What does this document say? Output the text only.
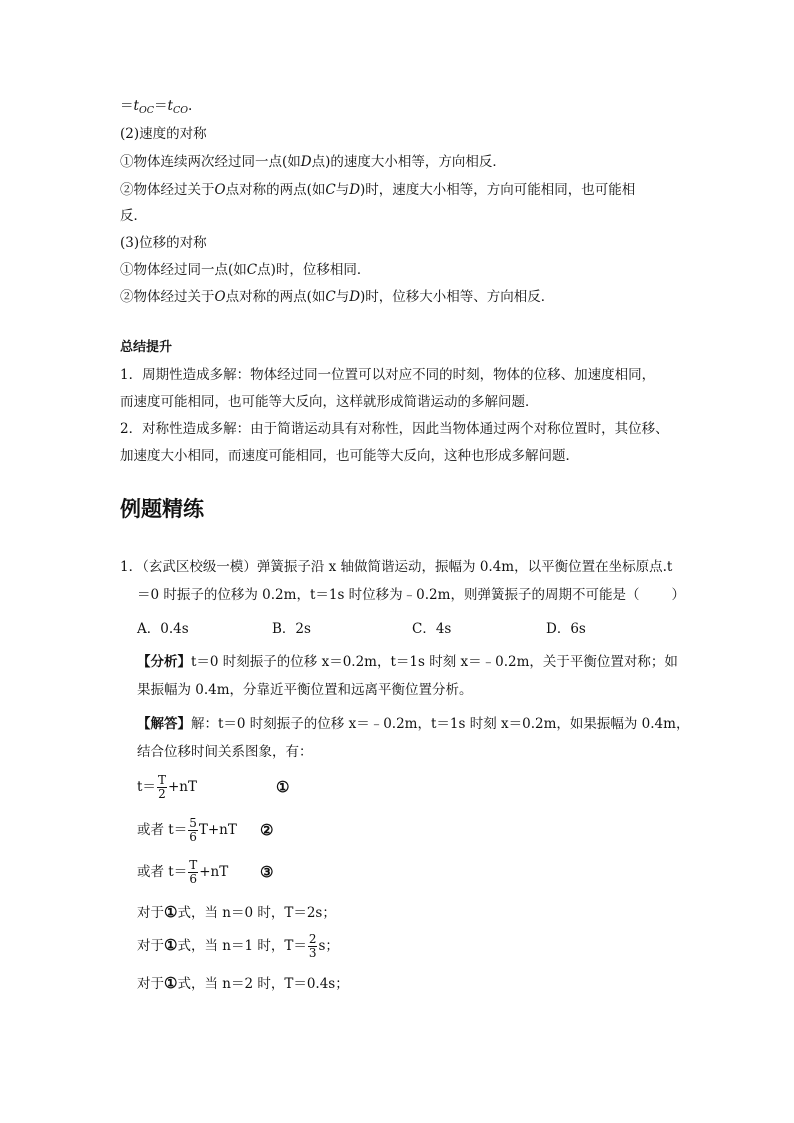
$=t_{OC}=t_{CO}$.
(2)速度的对称
①物体连续两次经过同一点(如D点)的速度大小相等，方向相反．
②物体经过关于O点对称的两点(如C与D)时，速度大小相等，方向可能相同，也可能相
反．
(3)位移的对称
①物体经过同一点(如C点)时，位移相同．
②物体经过关于O点对称的两点(如C与D)时，位移大小相等、方向相反．
总结提升
1．周期性造成多解：物体经过同一位置可以对应不同的时刻，物体的位移、加速度相同，
而速度可能相同，也可能等大反向，这样就形成简谐运动的多解问题．
2．对称性造成多解：由于简谐运动具有对称性，因此当物体通过两个对称位置时，其位移、
加速度大小相同，而速度可能相同，也可能等大反向，这种也形成多解问题．
例题精练
1．（玄武区校级一模）弹簧振子沿 x 轴做简谐运动，振幅为 0.4m，以平衡位置在坐标原点.t
＝0 时振子的位移为 0.2m，t＝1s 时位移为﹣0.2m，则弹簧振子的周期不可能是（ ）
A．0.4s	B．2s	C．4s	D．6s
【分析】t＝0 时刻振子的位移 x＝0.2m，t＝1s 时刻 x＝﹣0.2m，关于平衡位置对称；如
果振幅为 0.4m，分靠近平衡位置和远离平衡位置分析。
【解答】解：t＝0 时刻振子的位移 x＝﹣0.2m，t＝1s 时刻 x＝0.2m，如果振幅为 0.4m，
结合位移时间关系图象，有：
$t= \frac{T}{2} +nT$	①
或者 $t= \frac{5}{6} T+nT$ ②
或者 $t= \frac{T}{6} +nT$ ③
对于①式，当 n＝0 时，T＝2s；
对于①式，当 n＝1 时，$T= \frac{2}{3}$ s；
对于①式，当 n＝2 时，T＝0.4s；
